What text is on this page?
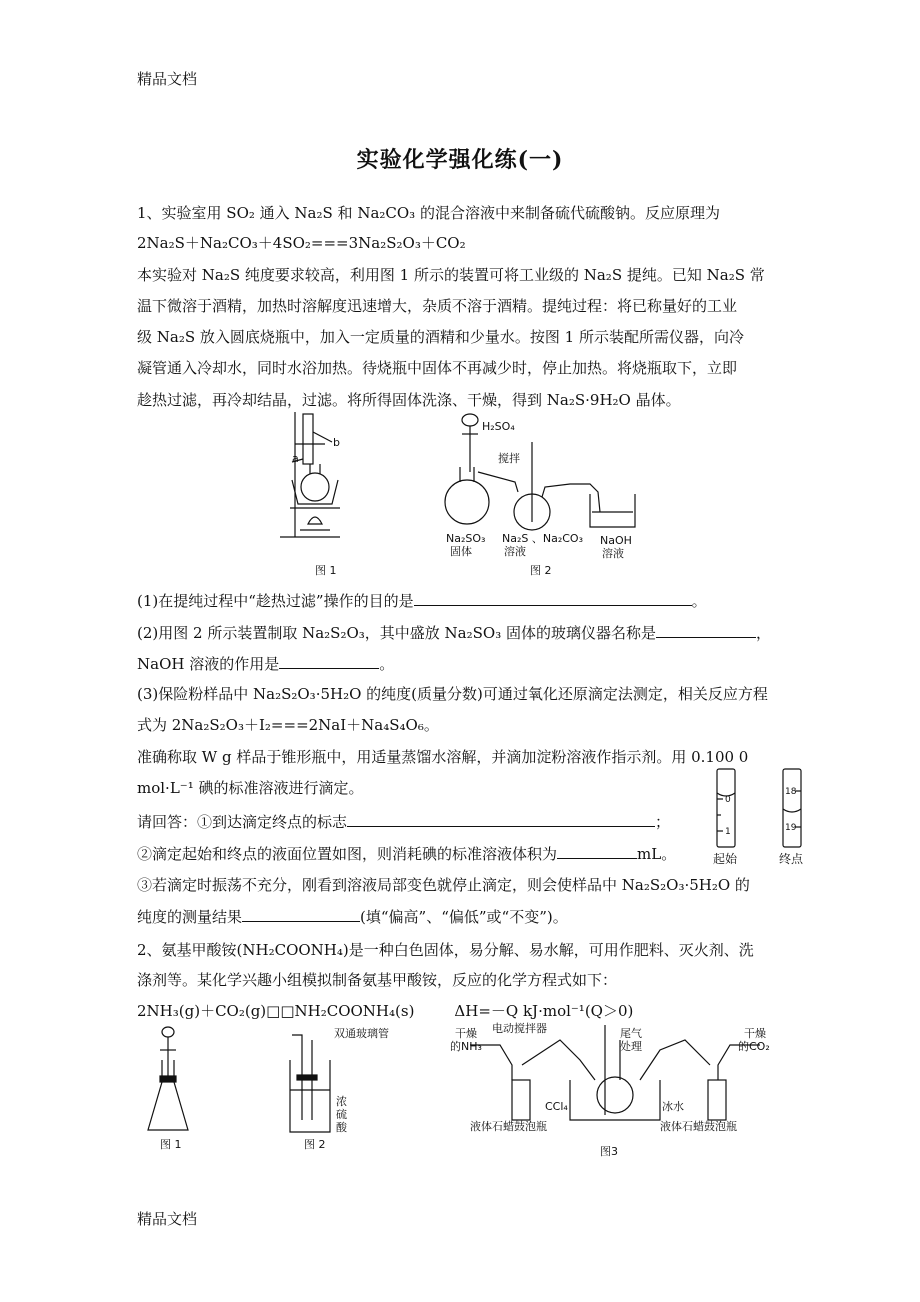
精品文档
实验化学强化练(一)
1、实验室用 SO₂ 通入 Na₂S 和 Na₂CO₃ 的混合溶液中来制备硫代硫酸钠。反应原理为
2Na₂S＋Na₂CO₃＋4SO₂===3Na₂S₂O₃＋CO₂
本实验对 Na₂S 纯度要求较高，利用图 1 所示的装置可将工业级的 Na₂S 提纯。已知 Na₂S 常
温下微溶于酒精，加热时溶解度迅速增大，杂质不溶于酒精。提纯过程：将已称量好的工业
级 Na₂S 放入圆底烧瓶中，加入一定质量的酒精和少量水。按图 1 所示装配所需仪器，向冷
凝管通入冷却水，同时水浴加热。待烧瓶中固体不再减少时，停止加热。将烧瓶取下，立即
趁热过滤，再冷却结晶，过滤。将所得固体洗涤、干燥，得到 Na₂S·9H₂O 晶体。
a
b
图 1
H₂SO₄
搅拌
Na₂SO₃
固体
Na₂S 、Na₂CO₃
溶液
NaOH
溶液
图 2
(1)在提纯过程中“趁热过滤”操作的目的是	。
(2)用图 2 所示装置制取 Na₂S₂O₃，其中盛放 Na₂SO₃ 固体的玻璃仪器名称是	，
NaOH 溶液的作用是	。
(3)保险粉样品中 Na₂S₂O₃·5H₂O 的纯度(质量分数)可通过氧化还原滴定法测定，相关反应方程
式为 2Na₂S₂O₃＋I₂===2NaI＋Na₄S₄O₆。
准确称取 W g 样品于锥形瓶中，用适量蒸馏水溶解，并滴加淀粉溶液作指示剂。用 0.100 0
mol·L⁻¹ 碘的标准溶液进行滴定。
请回答：①到达滴定终点的标志	；
②滴定起始和终点的液面位置如图，则消耗碘的标准溶液体积为	mL。
③若滴定时振荡不充分，刚看到溶液局部变色就停止滴定，则会使样品中 Na₂S₂O₃·5H₂O 的
纯度的测量结果	(填“偏高”、“偏低”或“不变”)。
0
1
18
19
起始	终点
2、氨基甲酸铵(NH₂COONH₄)是一种白色固体，易分解、易水解，可用作肥料、灭火剂、洗
涤剂等。某化学兴趣小组模拟制备氨基甲酸铵，反应的化学方程式如下：
2NH₃(g)＋CO₂(g)□□NH₂COONH₄(s)	ΔH=－Q kJ·mol⁻¹(Q＞0)
图 1
双通玻璃管
浓
硫
酸
图 2
电动搅拌器	尾气
处理
干燥
的NH₃
干燥
的CO₂
CCl₄	冰水
液体石蜡鼓泡瓶	液体石蜡鼓泡瓶
图3
精品文档
